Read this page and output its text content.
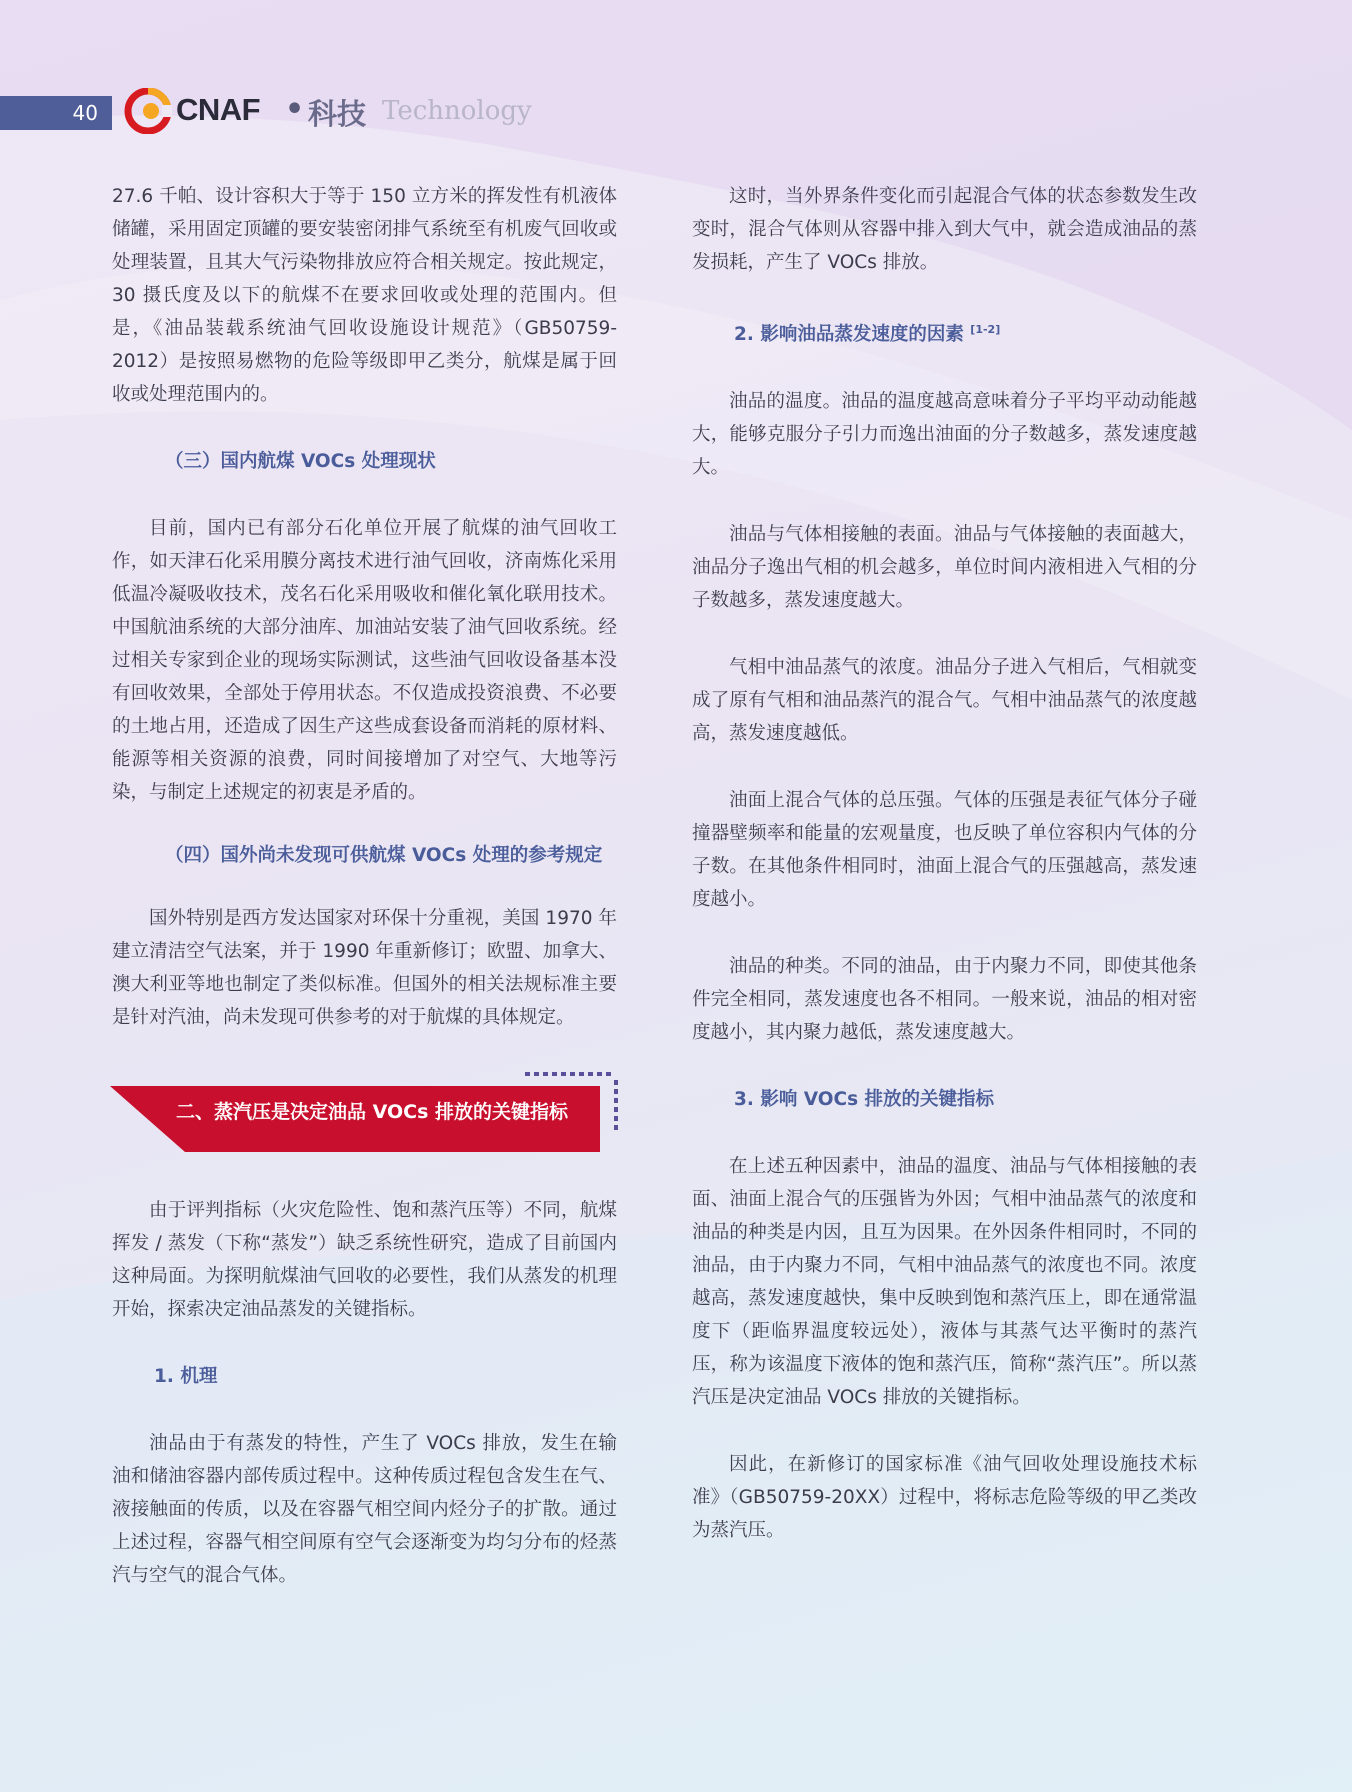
40	CNAF • 科技 Technology

27.6 千帕、设计容积大于等于 150 立方米的挥发性有机液体储罐，采用固定顶罐的要安装密闭排气系统至有机废气回收或处理装置，且其大气污染物排放应符合相关规定。按此规定，30 摄氏度及以下的航煤不在要求回收或处理的范围内。但是，《油品装载系统油气回收设施设计规范》（GB50759-2012）是按照易燃物的危险等级即甲乙类分，航煤是属于回收或处理范围内的。

（三）国内航煤 VOCs 处理现状

目前，国内已有部分石化单位开展了航煤的油气回收工作，如天津石化采用膜分离技术进行油气回收，济南炼化采用低温冷凝吸收技术，茂名石化采用吸收和催化氧化联用技术。中国航油系统的大部分油库、加油站安装了油气回收系统。经过相关专家到企业的现场实际测试，这些油气回收设备基本没有回收效果，全部处于停用状态。不仅造成投资浪费、不必要的土地占用，还造成了因生产这些成套设备而消耗的原材料、能源等相关资源的浪费，同时间接增加了对空气、大地等污染，与制定上述规定的初衷是矛盾的。

（四）国外尚未发现可供航煤 VOCs 处理的参考规定

国外特别是西方发达国家对环保十分重视，美国 1970 年建立清洁空气法案，并于 1990 年重新修订；欧盟、加拿大、澳大利亚等地也制定了类似标准。但国外的相关法规标准主要是针对汽油，尚未发现可供参考的对于航煤的具体规定。

二、蒸汽压是决定油品 VOCs 排放的关键指标

由于评判指标（火灾危险性、饱和蒸汽压等）不同，航煤挥发 / 蒸发（下称“蒸发”）缺乏系统性研究，造成了目前国内这种局面。为探明航煤油气回收的必要性，我们从蒸发的机理开始，探索决定油品蒸发的关键指标。

1. 机理

油品由于有蒸发的特性，产生了 VOCs 排放，发生在输油和储油容器内部传质过程中。这种传质过程包含发生在气、液接触面的传质，以及在容器气相空间内烃分子的扩散。通过上述过程，容器气相空间原有空气会逐渐变为均匀分布的烃蒸汽与空气的混合气体。

这时，当外界条件变化而引起混合气体的状态参数发生改变时，混合气体则从容器中排入到大气中，就会造成油品的蒸发损耗，产生了 VOCs 排放。

2. 影响油品蒸发速度的因素 [1-2]

油品的温度。油品的温度越高意味着分子平均平动动能越大，能够克服分子引力而逸出油面的分子数越多，蒸发速度越大。

油品与气体相接触的表面。油品与气体接触的表面越大，油品分子逸出气相的机会越多，单位时间内液相进入气相的分子数越多，蒸发速度越大。

气相中油品蒸气的浓度。油品分子进入气相后，气相就变成了原有气相和油品蒸汽的混合气。气相中油品蒸气的浓度越高，蒸发速度越低。

油面上混合气体的总压强。气体的压强是表征气体分子碰撞器壁频率和能量的宏观量度，也反映了单位容积内气体的分子数。在其他条件相同时，油面上混合气的压强越高，蒸发速度越小。

油品的种类。不同的油品，由于内聚力不同，即使其他条件完全相同，蒸发速度也各不相同。一般来说，油品的相对密度越小，其内聚力越低，蒸发速度越大。

3. 影响 VOCs 排放的关键指标

在上述五种因素中，油品的温度、油品与气体相接触的表面、油面上混合气的压强皆为外因；气相中油品蒸气的浓度和油品的种类是内因，且互为因果。在外因条件相同时，不同的油品，由于内聚力不同，气相中油品蒸气的浓度也不同。浓度越高，蒸发速度越快，集中反映到饱和蒸汽压上，即在通常温度下（距临界温度较远处），液体与其蒸气达平衡时的蒸汽压，称为该温度下液体的饱和蒸汽压，简称“蒸汽压”。所以蒸汽压是决定油品 VOCs 排放的关键指标。

因此，在新修订的国家标准《油气回收处理设施技术标准》（GB50759-20XX）过程中，将标志危险等级的甲乙类改为蒸汽压。
